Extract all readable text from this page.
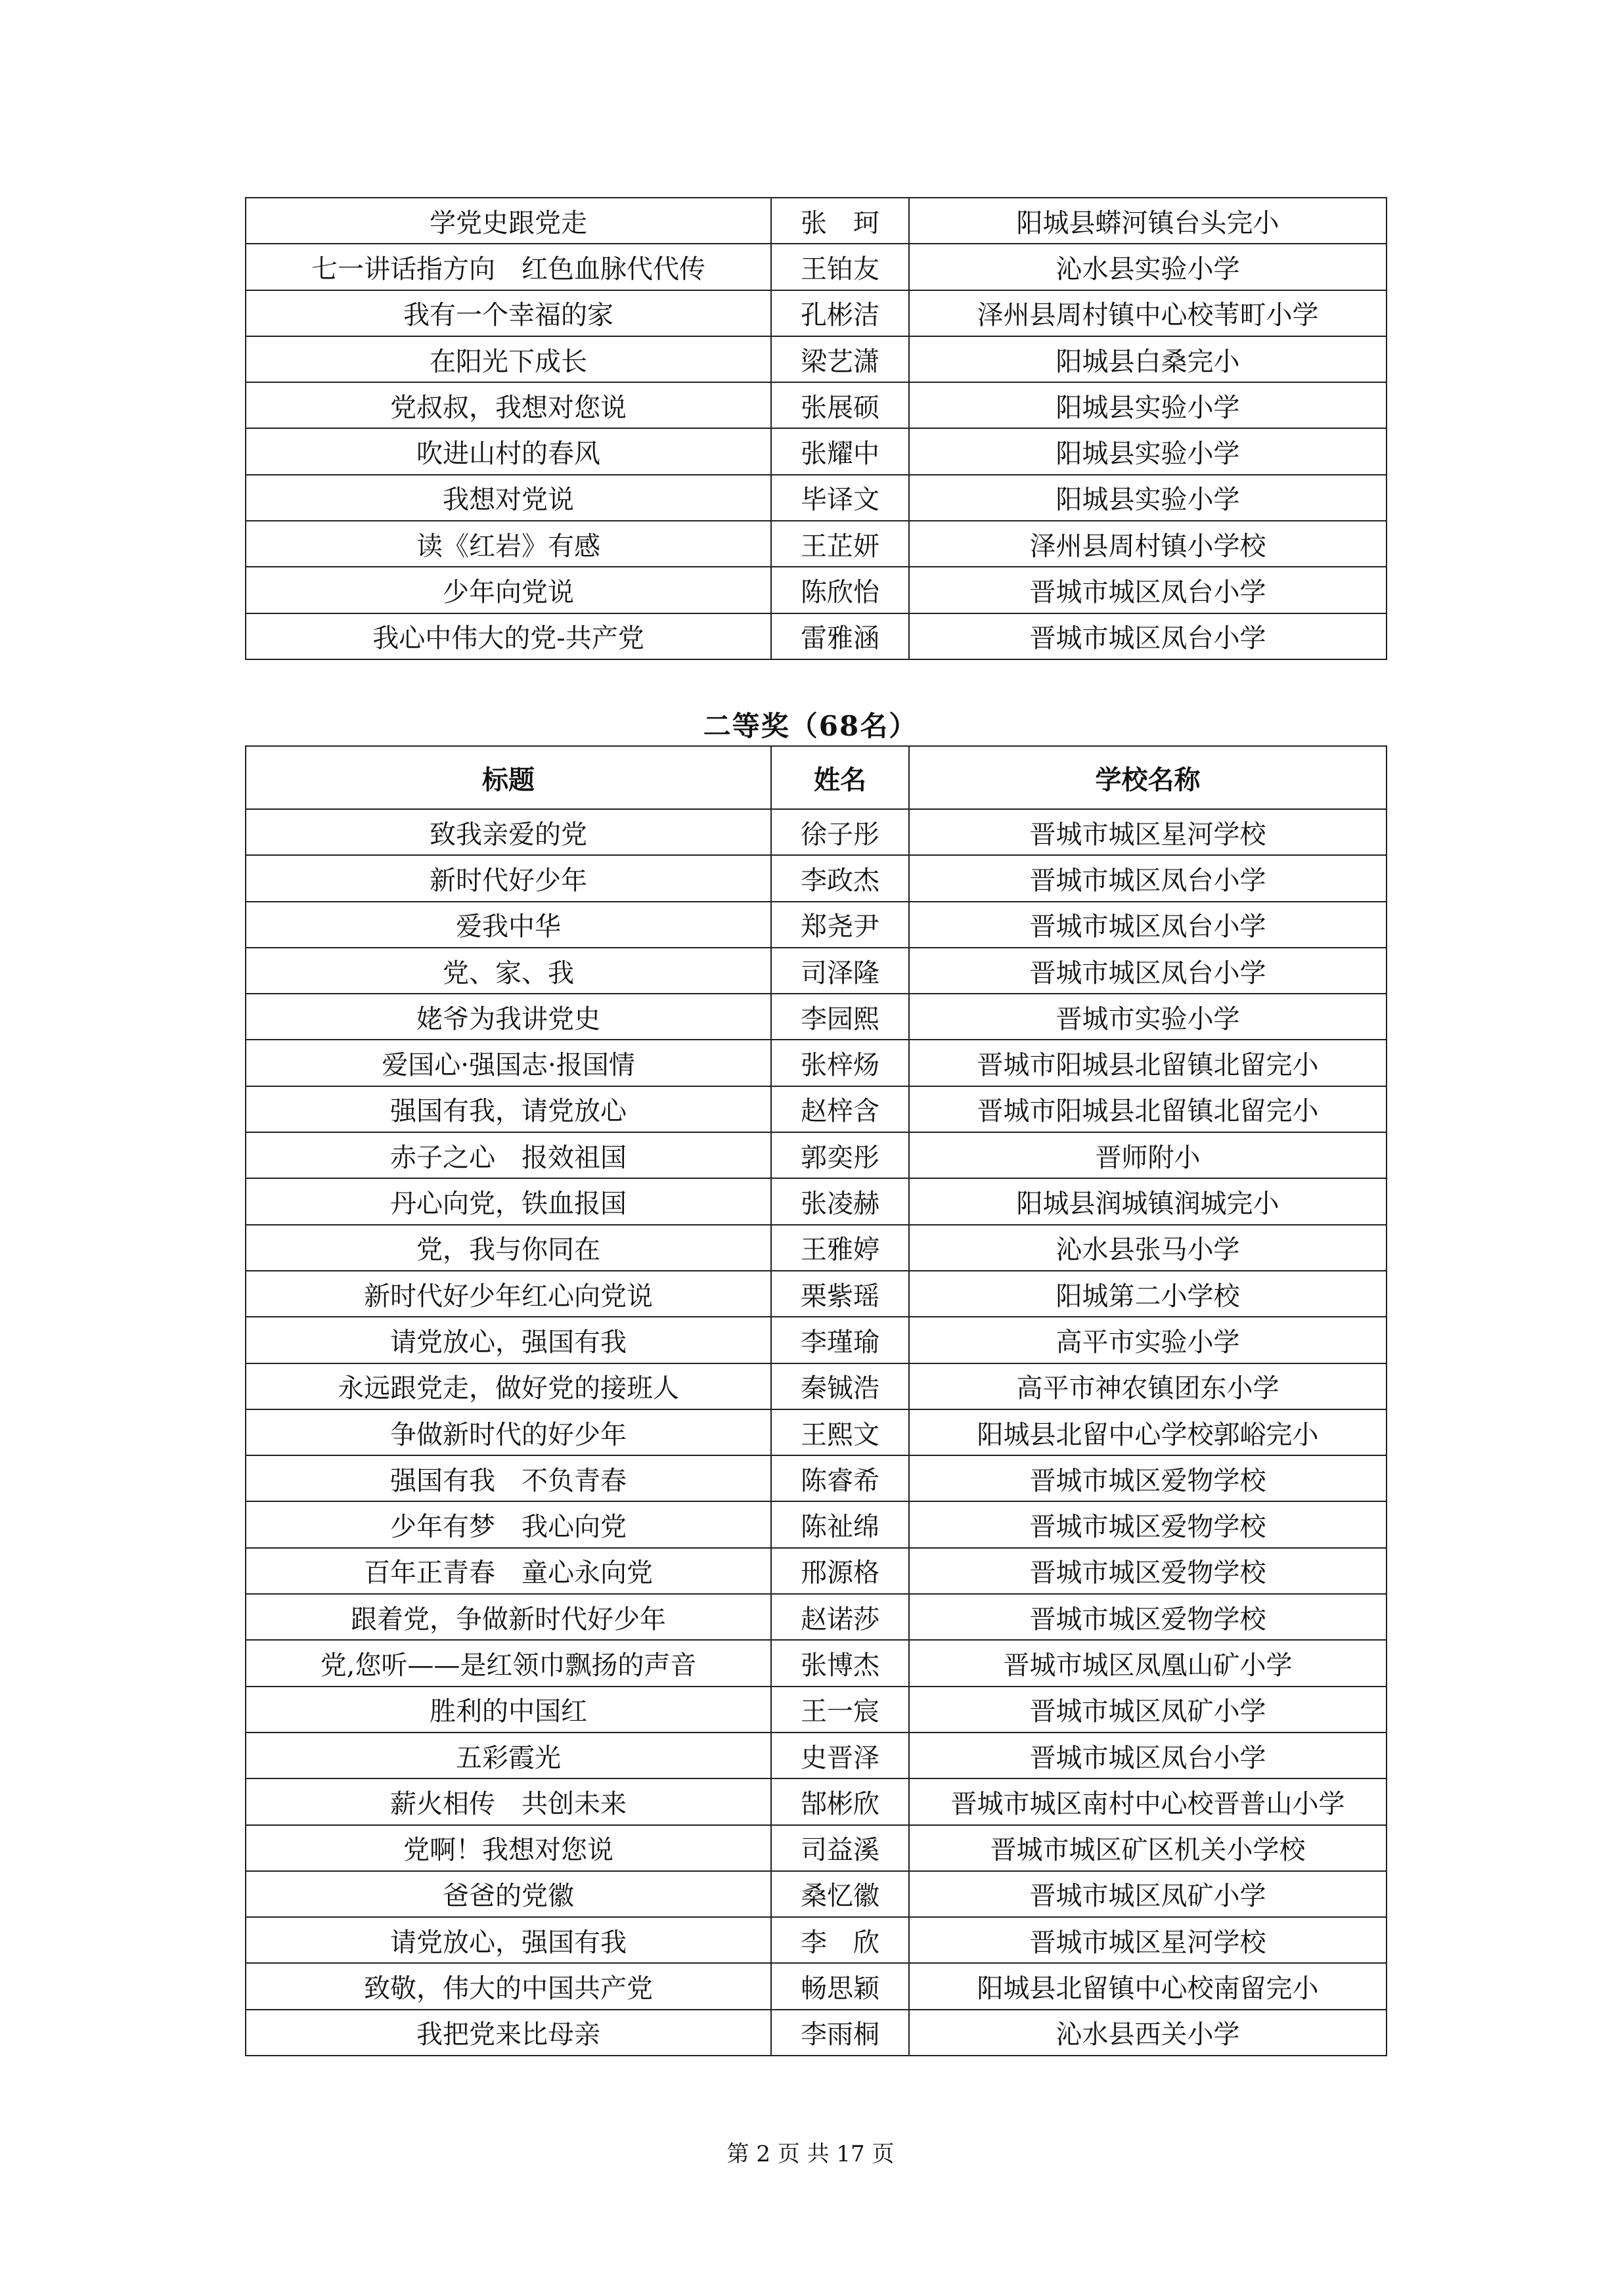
学党史跟党走	张　珂	阳城县蟒河镇台头完小
七一讲话指方向　红色血脉代代传	王铂友	沁水县实验小学
我有一个幸福的家	孔彬洁	泽州县周村镇中心校苇町小学
在阳光下成长	梁艺潇	阳城县白桑完小
党叔叔，我想对您说	张展硕	阳城县实验小学
吹进山村的春风	张耀中	阳城县实验小学
我想对党说	毕译文	阳城县实验小学
读《红岩》有感	王芷妍	泽州县周村镇小学校
少年向党说	陈欣怡	晋城市城区凤台小学
我心中伟大的党-共产党	雷雅涵	晋城市城区凤台小学
二等奖（68名）
标题	姓名	学校名称
致我亲爱的党	徐子彤	晋城市城区星河学校
新时代好少年	李政杰	晋城市城区凤台小学
爱我中华	郑尧尹	晋城市城区凤台小学
党、家、我	司泽隆	晋城市城区凤台小学
姥爷为我讲党史	李园熙	晋城市实验小学
爱国心·强国志·报国情	张梓炀	晋城市阳城县北留镇北留完小
强国有我，请党放心	赵梓含	晋城市阳城县北留镇北留完小
赤子之心　报效祖国	郭奕彤	晋师附小
丹心向党，铁血报国	张凌赫	阳城县润城镇润城完小
党，我与你同在	王雅婷	沁水县张马小学
新时代好少年红心向党说	栗紫瑶	阳城第二小学校
请党放心，强国有我	李瑾瑜	高平市实验小学
永远跟党走，做好党的接班人	秦铖浩	高平市神农镇团东小学
争做新时代的好少年	王熙文	阳城县北留中心学校郭峪完小
强国有我　不负青春	陈睿希	晋城市城区爱物学校
少年有梦　我心向党	陈祉绵	晋城市城区爱物学校
百年正青春　童心永向党	邢源格	晋城市城区爱物学校
跟着党，争做新时代好少年	赵诺莎	晋城市城区爱物学校
党,您听——是红领巾飘扬的声音	张博杰	晋城市城区凤凰山矿小学
胜利的中国红	王一宸	晋城市城区凤矿小学
五彩霞光	史晋泽	晋城市城区凤台小学
薪火相传　共创未来	郜彬欣	晋城市城区南村中心校晋普山小学
党啊！我想对您说	司益溪	晋城市城区矿区机关小学校
爸爸的党徽	桑忆徽	晋城市城区凤矿小学
请党放心，强国有我	李　欣	晋城市城区星河学校
致敬，伟大的中国共产党	畅思颖	阳城县北留镇中心校南留完小
我把党来比母亲	李雨桐	沁水县西关小学
第 2 页 共 17 页
